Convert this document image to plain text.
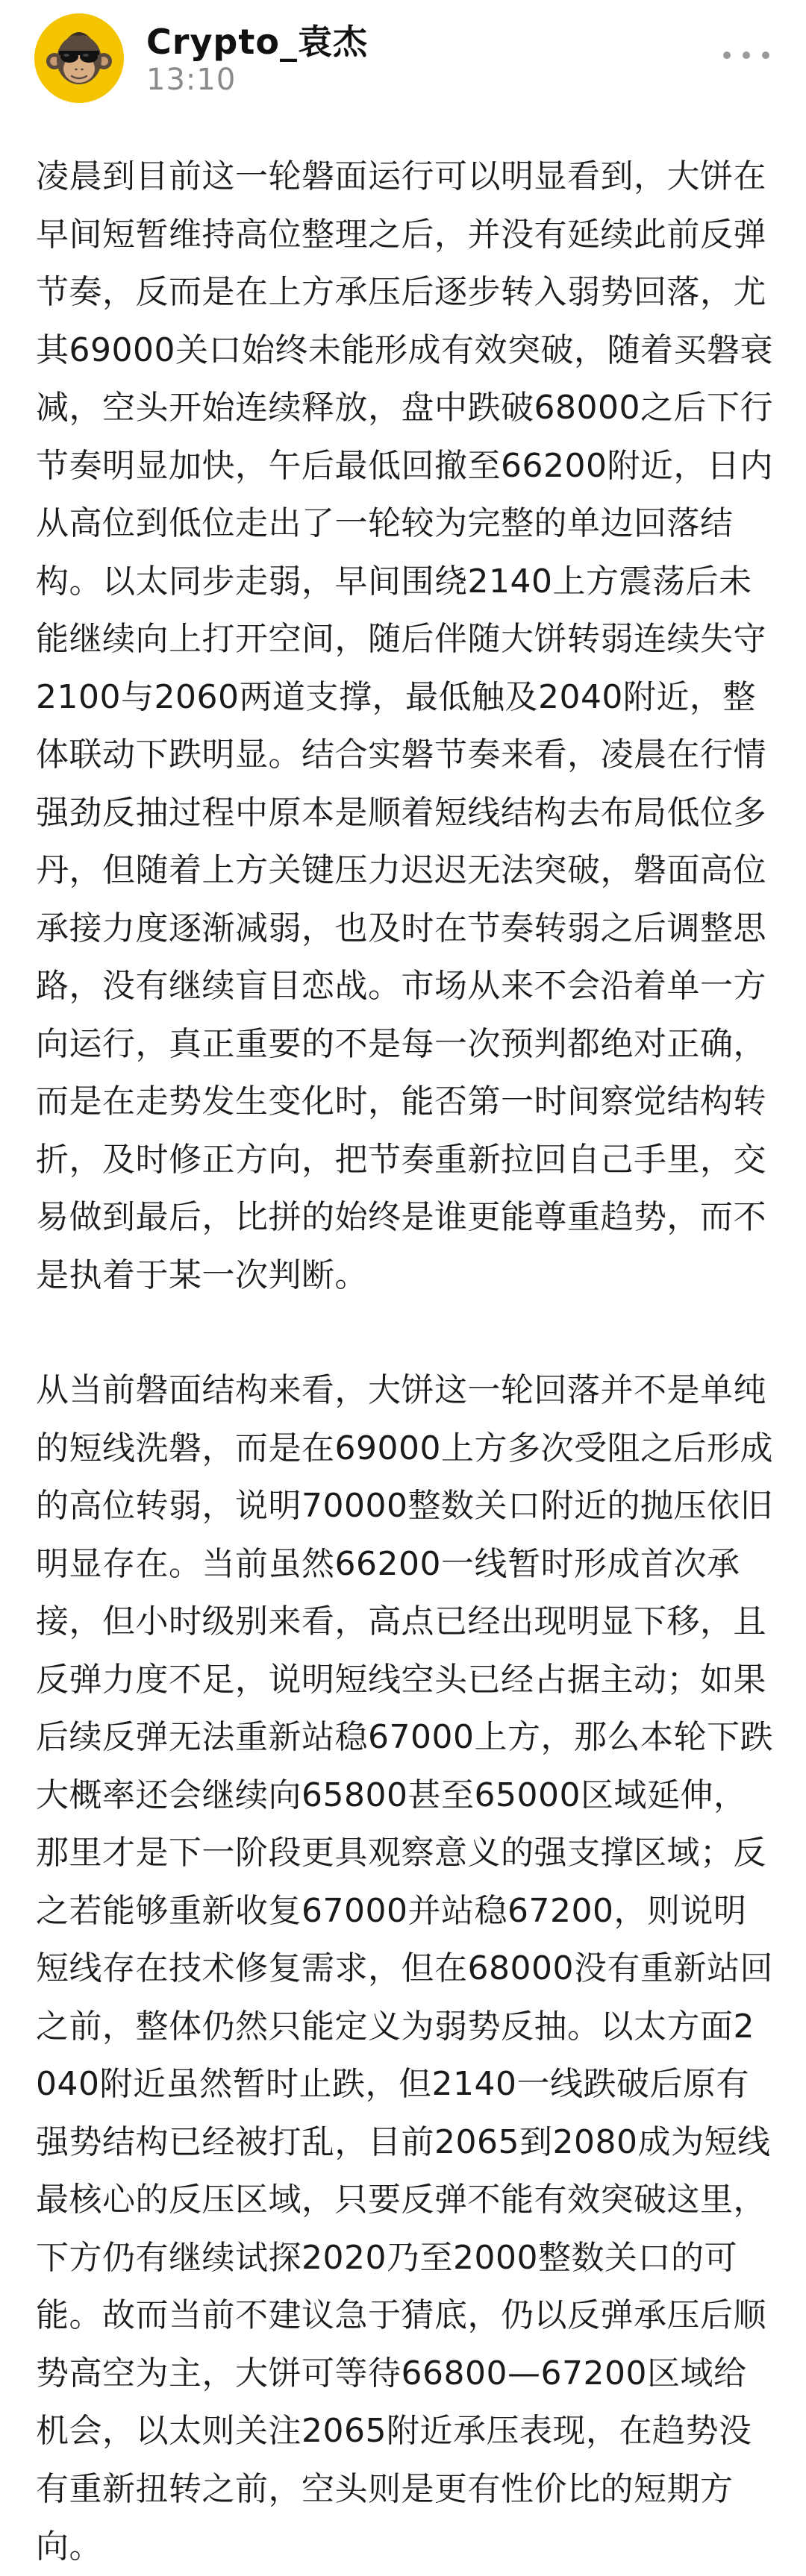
Crypto_袁杰
13:10

凌晨到目前这一轮磐面运行可以明显看到，大饼在早间短暂维持高位整理之后，并没有延续此前反弹节奏，反而是在上方承压后逐步转入弱势回落，尤其69000关口始终未能形成有效突破，随着买磐衰减，空头开始连续释放，盘中跌破68000之后下行节奏明显加快，午后最低回撤至66200附近，日内从高位到低位走出了一轮较为完整的单边回落结构。以太同步走弱，早间围绕2140上方震荡后未能继续向上打开空间，随后伴随大饼转弱连续失守2100与2060两道支撑，最低触及2040附近，整体联动下跌明显。结合实磐节奏来看，凌晨在行情强劲反抽过程中原本是顺着短线结构去布局低位多丹，但随着上方关键压力迟迟无法突破，磐面高位承接力度逐渐减弱，也及时在节奏转弱之后调整思路，没有继续盲目恋战。市场从来不会沿着单一方向运行，真正重要的不是每一次预判都绝对正确，而是在走势发生变化时，能否第一时间察觉结构转折，及时修正方向，把节奏重新拉回自己手里，交易做到最后，比拼的始终是谁更能尊重趋势，而不是执着于某一次判断。

从当前磐面结构来看，大饼这一轮回落并不是单纯的短线洗磐，而是在69000上方多次受阻之后形成的高位转弱，说明70000整数关口附近的抛压依旧明显存在。当前虽然66200一线暂时形成首次承接，但小时级别来看，高点已经出现明显下移，且反弹力度不足，说明短线空头已经占据主动；如果后续反弹无法重新站稳67000上方，那么本轮下跌大概率还会继续向65800甚至65000区域延伸，那里才是下一阶段更具观察意义的强支撑区域；反之若能够重新收复67000并站稳67200，则说明短线存在技术修复需求，但在68000没有重新站回之前，整体仍然只能定义为弱势反抽。以太方面2040附近虽然暂时止跌，但2140一线跌破后原有强势结构已经被打乱，目前2065到2080成为短线最核心的反压区域，只要反弹不能有效突破这里，下方仍有继续试探2020乃至2000整数关口的可能。故而当前不建议急于猜底，仍以反弹承压后顺势高空为主，大饼可等待66800—67200区域给机会，以太则关注2065附近承压表现，在趋势没有重新扭转之前，空头则是更有性价比的短期方向。
